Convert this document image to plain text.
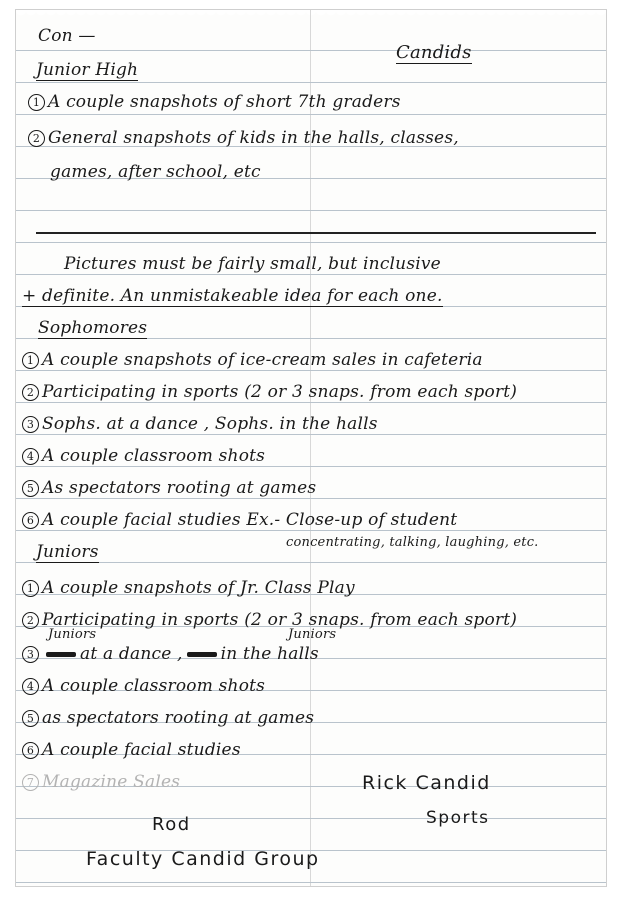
Con —
Candids
Junior High
1 A couple snapshots of short 7th graders
2 General snapshots of kids in the halls, classes,
games, after school, etc
Pictures must be fairly small, but inclusive
+ definite. An unmistakeable idea for each one.
Sophomores
1 A couple snapshots of ice-cream sales in cafeteria
2 Participating in sports (2 or 3 snaps. from each sport)
3 Sophs. at a dance , Sophs. in the halls
4 A couple classroom shots
5 As spectators rooting at games
6 A couple facial studies Ex.- Close-up of student
concentrating, talking, laughing, etc.
Juniors
1 A couple snapshots of Jr. Class Play
2 Participating in sports (2 or 3 snaps. from each sport)
Juniors	Juniors
3	at a dance , in the halls
4 A couple classroom shots
5 as spectators rooting at games
6 A couple facial studies
7 Magazine Sales	Rick Candid
Sports
Rod
Faculty Candid Group
